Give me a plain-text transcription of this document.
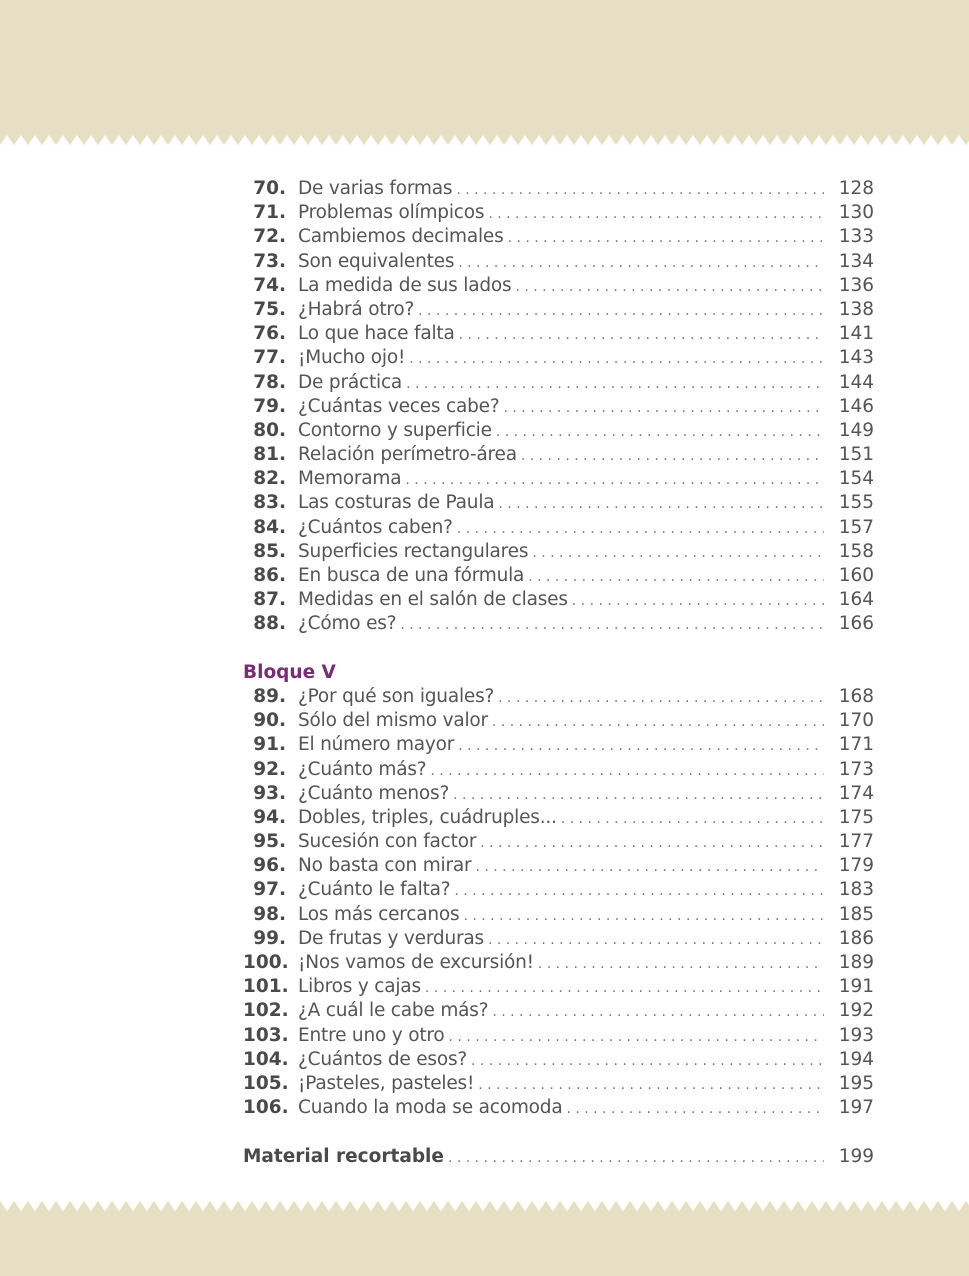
70. De varias formas . . .	128
71. Problemas olímpicos . . .	130
72. Cambiemos decimales . . .	133
73. Son equivalentes . . .	134
74. La medida de sus lados . . .	136
75. ¿Habrá otro? . . .	138
76. Lo que hace falta . . .	141
77. ¡Mucho ojo! . . .	143
78. De práctica . . .	144
79. ¿Cuántas veces cabe? . . .	146
80. Contorno y superficie . . .	149
81. Relación perímetro-área . . .	151
82. Memorama . . .	154
83. Las costuras de Paula . . .	155
84. ¿Cuántos caben? . . .	157
85. Superficies rectangulares . . .	158
86. En busca de una fórmula . . .	160
87. Medidas en el salón de clases . . .	164
88. ¿Cómo es? . . .	166
Bloque V
89. ¿Por qué son iguales? . . .	168
90. Sólo del mismo valor . . .	170
91. El número mayor . . .	171
92. ¿Cuánto más? . . .	173
93. ¿Cuánto menos? . . .	174
94. Dobles, triples, cuádruples... . . .	175
95. Sucesión con factor . . .	177
96. No basta con mirar . . .	179
97. ¿Cuánto le falta? . . .	183
98. Los más cercanos . . .	185
99. De frutas y verduras . . .	186
100. ¡Nos vamos de excursión! . . .	189
101. Libros y cajas . . .	191
102. ¿A cuál le cabe más? . . .	192
103. Entre uno y otro . . .	193
104. ¿Cuántos de esos? . . .	194
105. ¡Pasteles, pasteles! . . .	195
106. Cuando la moda se acomoda . . .	197
Material recortable . . .	199
